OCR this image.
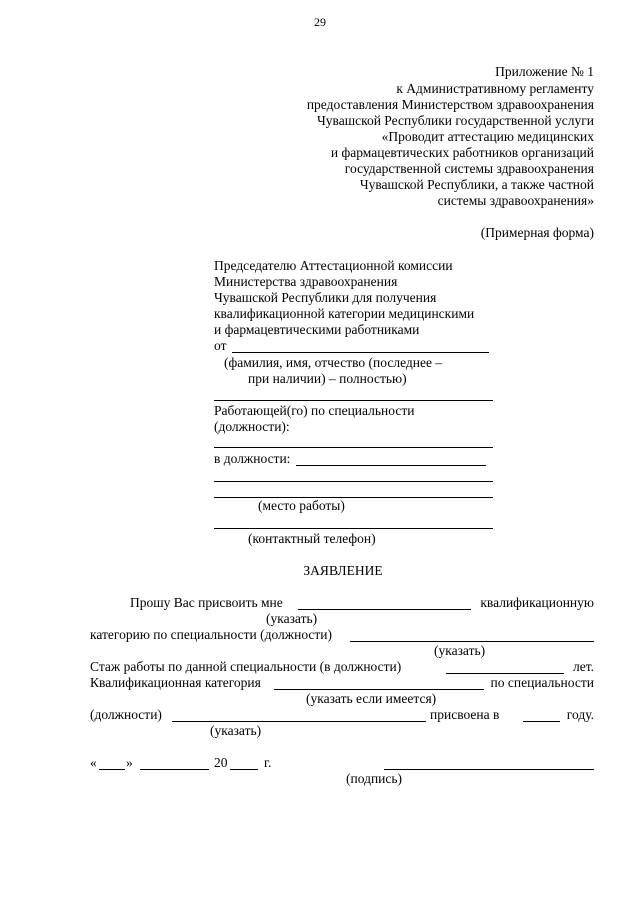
29
Приложение № 1
к Административному регламенту
предоставления Министерством здравоохранения
Чувашской Республики государственной услуги
«Проводит аттестацию медицинских
и фармацевтических работников организаций
государственной системы здравоохранения
Чувашской Республики, а также частной
системы здравоохранения»
(Примерная форма)
Председателю Аттестационной комиссии
Министерства здравоохранения
Чувашской Республики для получения
квалификационной категории медицинскими
и фармацевтическими работниками
от
(фамилия, имя, отчество (последнее –
при наличии) – полностью)
Работающей(го) по специальности
(должности):
в должности:
(место работы)
(контактный телефон)
ЗАЯВЛЕНИЕ
Прошу Вас присвоить мне	квалификационную
(указать)
категорию по специальности (должности)
(указать)
Стаж работы по данной специальности (в должности)	лет.
Квалификационная категория	по специальности
(указать если имеется)
(должности)	присвоена в	году.
(указать)
« »	20	г.
(подпись)
